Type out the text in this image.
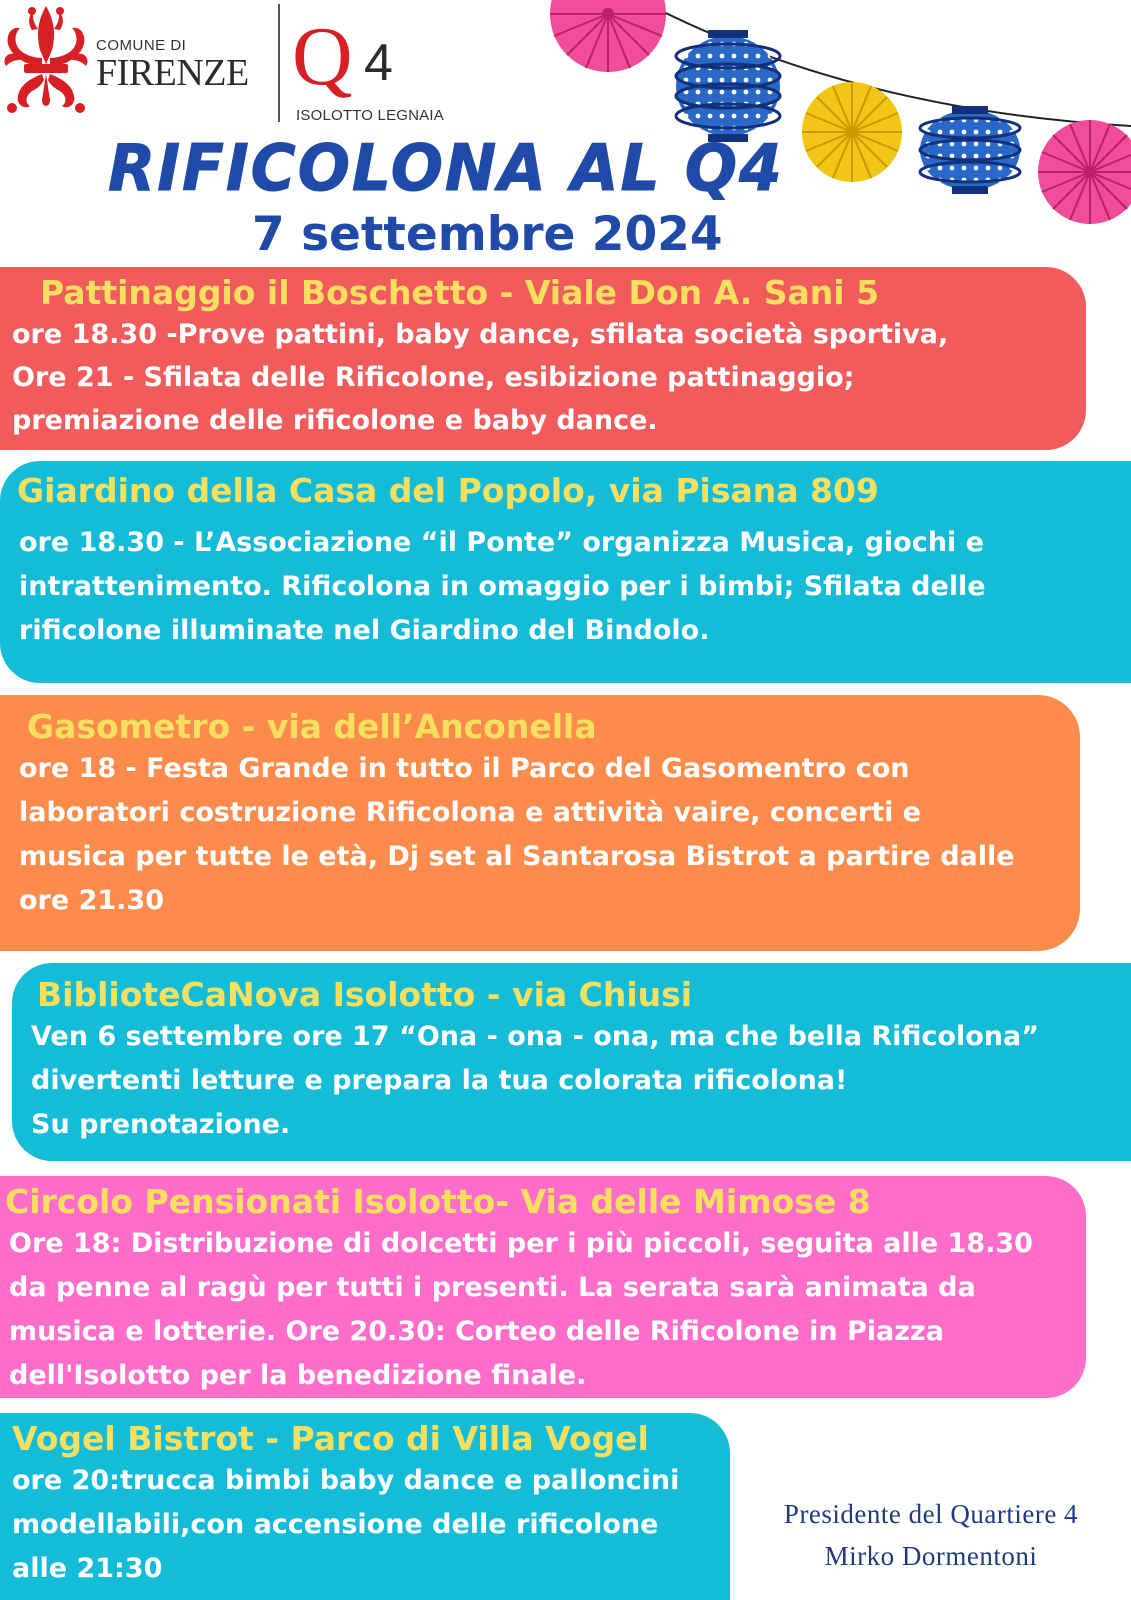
COMUNE DI
FIRENZE Q 4
ISOLOTTO LEGNAIA
RIFICOLONA AL Q4
7 settembre 2024
Pattinaggio il Boschetto - Viale Don A. Sani 5
ore 18.30 -Prove pattini, baby dance, sfilata società sportiva,
Ore 21 - Sfilata delle Rificolone, esibizione pattinaggio;
premiazione delle rificolone e baby dance.
Giardino della Casa del Popolo, via Pisana 809
ore 18.30 - L’Associazione “il Ponte” organizza Musica, giochi e
intrattenimento. Rificolona in omaggio per i bimbi; Sfilata delle
rificolone illuminate nel Giardino del Bindolo.
Gasometro - via dell’Anconella
ore 18 - Festa Grande in tutto il Parco del Gasomentro con
laboratori costruzione Rificolona e attività vaire, concerti e
musica per tutte le età, Dj set al Santarosa Bistrot a partire dalle
ore 21.30
BiblioteCaNova Isolotto - via Chiusi
Ven 6 settembre ore 17 “Ona - ona - ona, ma che bella Rificolona”
divertenti letture e prepara la tua colorata rificolona!
Su prenotazione.
Circolo Pensionati Isolotto- Via delle Mimose 8
Ore 18: Distribuzione di dolcetti per i più piccoli, seguita alle 18.30
da penne al ragù per tutti i presenti. La serata sarà animata da
musica e lotterie. Ore 20.30: Corteo delle Rificolone in Piazza
dell'Isolotto per la benedizione finale.
Vogel Bistrot - Parco di Villa Vogel
ore 20:trucca bimbi baby dance e palloncini
modellabili,con accensione delle rificolone
alle 21:30
Presidente del Quartiere 4
Mirko Dormentoni
